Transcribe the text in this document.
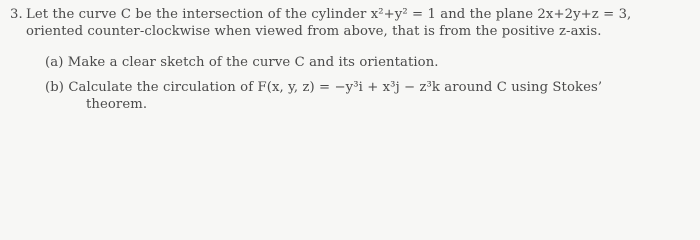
3. Let the curve C be the intersection of the cylinder x²+y² = 1 and the plane 2x+2y+z = 3,
oriented counter-clockwise when viewed from above, that is from the positive z-axis.
(a) Make a clear sketch of the curve C and its orientation.
(b) Calculate the circulation of F(x, y, z) = −y³i + x³j − z³k around C using Stokes’
theorem.
